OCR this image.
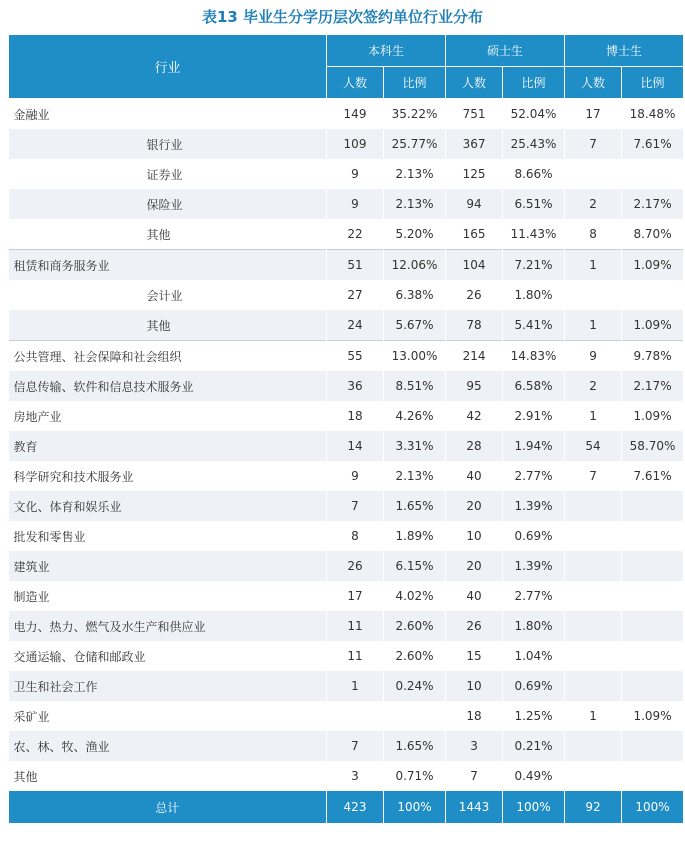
表13 毕业生分学历层次签约单位行业分布
行业	本科生		硕士生		博士生	
	人数	比例	人数	比例	人数	比例
金融业	149	35.22%	751	52.04%	17	18.48%
银行业	109	25.77%	367	25.43%	7	7.61%
证券业	9	2.13%	125	8.66%		
保险业	9	2.13%	94	6.51%	2	2.17%
其他	22	5.20%	165	11.43%	8	8.70%
租赁和商务服务业	51	12.06%	104	7.21%	1	1.09%
会计业	27	6.38%	26	1.80%		
其他	24	5.67%	78	5.41%	1	1.09%
公共管理、社会保障和社会组织	55	13.00%	214	14.83%	9	9.78%
信息传输、软件和信息技术服务业	36	8.51%	95	6.58%	2	2.17%
房地产业	18	4.26%	42	2.91%	1	1.09%
教育	14	3.31%	28	1.94%	54	58.70%
科学研究和技术服务业	9	2.13%	40	2.77%	7	7.61%
文化、体育和娱乐业	7	1.65%	20	1.39%		
批发和零售业	8	1.89%	10	0.69%		
建筑业	26	6.15%	20	1.39%		
制造业	17	4.02%	40	2.77%		
电力、热力、燃气及水生产和供应业	11	2.60%	26	1.80%		
交通运输、仓储和邮政业	11	2.60%	15	1.04%		
卫生和社会工作	1	0.24%	10	0.69%		
采矿业			18	1.25%	1	1.09%
农、林、牧、渔业	7	1.65%	3	0.21%		
其他	3	0.71%	7	0.49%		
总计	423	100%	1443	100%	92	100%
